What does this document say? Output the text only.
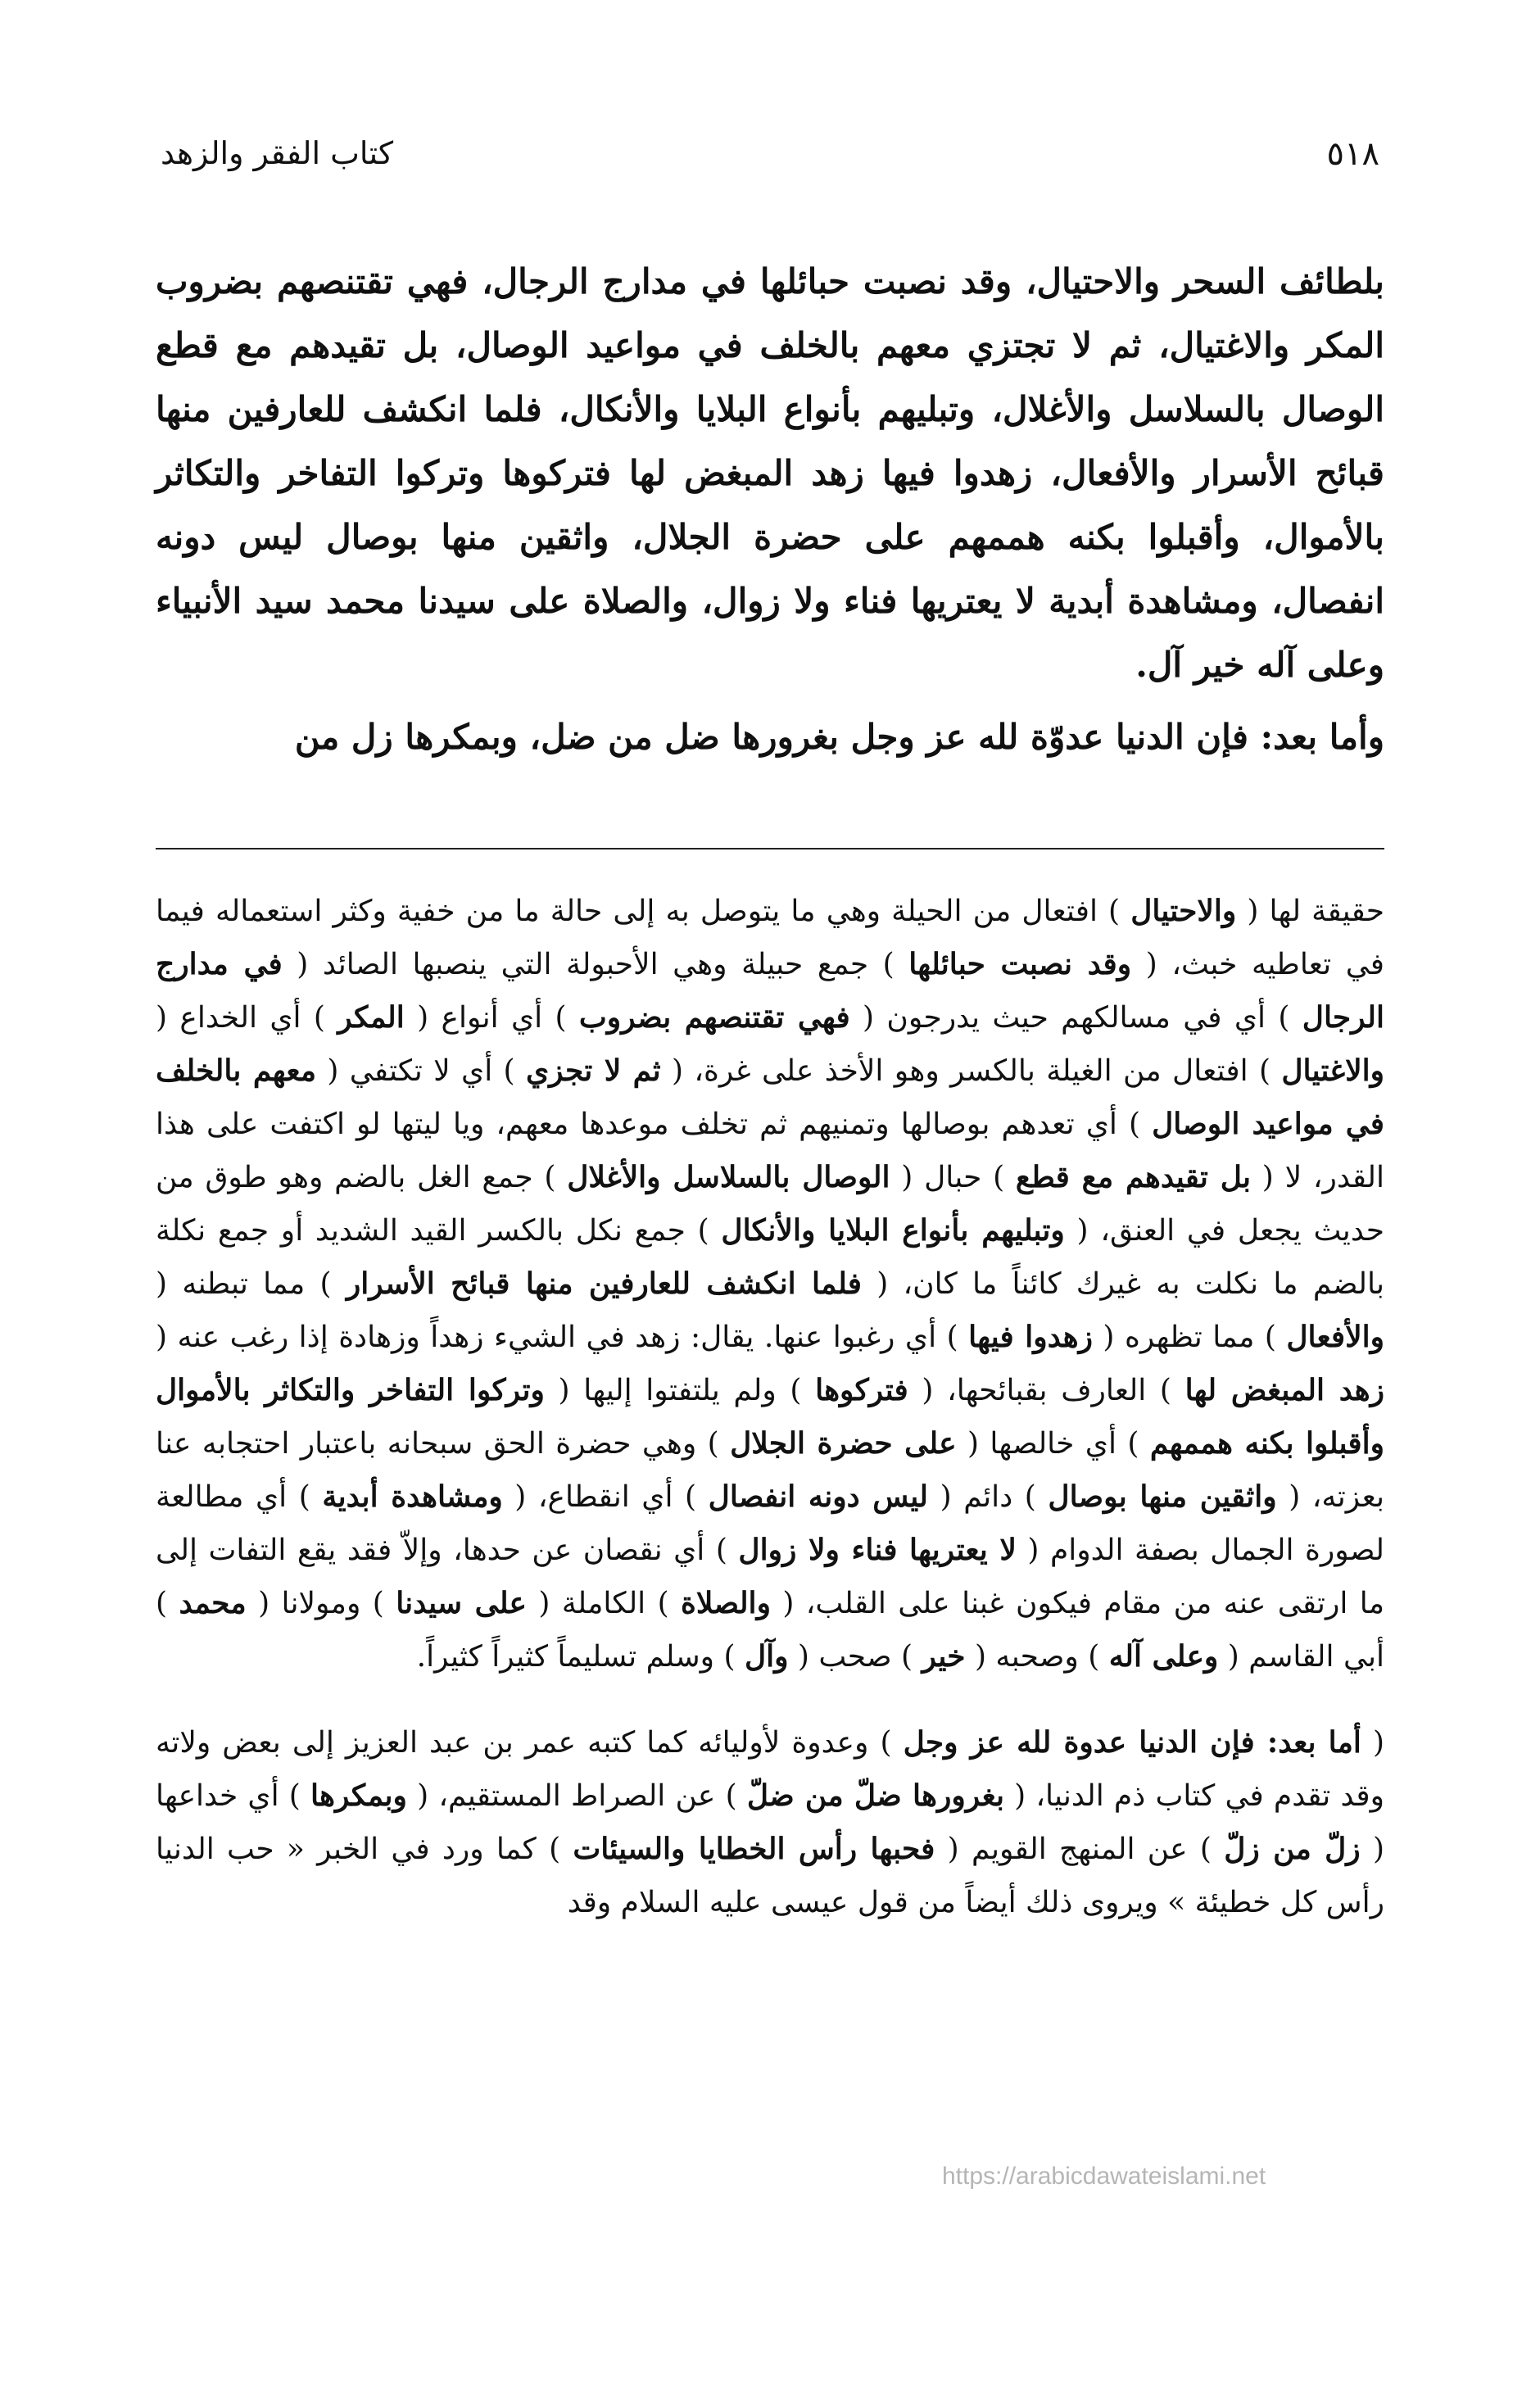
٥١٨
كتاب الفقر والزهد

بلطائف السحر والاحتيال، وقد نصبت حبائلها في مدارج الرجال، فهي تقتنصهم بضروب المكر والاغتيال، ثم لا تجتزي معهم بالخلف في مواعيد الوصال، بل تقيدهم مع قطع الوصال بالسلاسل والأغلال، وتبليهم بأنواع البلايا والأنكال، فلما انكشف للعارفين منها قبائح الأسرار والأفعال، زهدوا فيها زهد المبغض لها فتركوها وتركوا التفاخر والتكاثر بالأموال، وأقبلوا بكنه هممهم على حضرة الجلال، واثقين منها بوصال ليس دونه انفصال، ومشاهدة أبدية لا يعتريها فناء ولا زوال، والصلاة على سيدنا محمد سيد الأنبياء وعلى آله خير آل.

وأما بعد: فإن الدنيا عدوّة لله عز وجل بغرورها ضل من ضل، وبمكرها زل من

حقيقة لها ( والاحتيال ) افتعال من الحيلة وهي ما يتوصل به إلى حالة ما من خفية وكثر استعماله فيما في تعاطيه خبث، ( وقد نصبت حبائلها ) جمع حبيلة وهي الأحبولة التي ينصبها الصائد ( في مدارج الرجال ) أي في مسالكهم حيث يدرجون ( فهي تقتنصهم بضروب ) أي أنواع ( المكر ) أي الخداع ( والاغتيال ) افتعال من الغيلة بالكسر وهو الأخذ على غرة، ( ثم لا تجزي ) أي لا تكتفي ( معهم بالخلف في مواعيد الوصال ) أي تعدهم بوصالها وتمنيهم ثم تخلف موعدها معهم، ويا ليتها لو اكتفت على هذا القدر، لا ( بل تقيدهم مع قطع ) حبال ( الوصال بالسلاسل والأغلال ) جمع الغل بالضم وهو طوق من حديث يجعل في العنق، ( وتبليهم بأنواع البلايا والأنكال ) جمع نكل بالكسر القيد الشديد أو جمع نكلة بالضم ما نكلت به غيرك كائناً ما كان، ( فلما انكشف للعارفين منها قبائح الأسرار ) مما تبطنه ( والأفعال ) مما تظهره ( زهدوا فيها ) أي رغبوا عنها. يقال: زهد في الشيء زهداً وزهادة إذا رغب عنه ( زهد المبغض لها ) العارف بقبائحها، ( فتركوها ) ولم يلتفتوا إليها ( وتركوا التفاخر والتكاثر بالأموال وأقبلوا بكنه هممهم ) أي خالصها ( على حضرة الجلال ) وهي حضرة الحق سبحانه باعتبار احتجابه عنا بعزته، ( واثقين منها بوصال ) دائم ( ليس دونه انفصال ) أي انقطاع، ( ومشاهدة أبدية ) أي مطالعة لصورة الجمال بصفة الدوام ( لا يعتريها فناء ولا زوال ) أي نقصان عن حدها، وإلاّ فقد يقع التفات إلى ما ارتقى عنه من مقام فيكون غبنا على القلب، ( والصلاة ) الكاملة ( على سيدنا ) ومولانا ( محمد ) أبي القاسم ( وعلى آله ) وصحبه ( خير ) صحب ( وآل ) وسلم تسليماً كثيراً كثيراً.

( أما بعد: فإن الدنيا عدوة لله عز وجل ) وعدوة لأوليائه كما كتبه عمر بن عبد العزيز إلى بعض ولاته وقد تقدم في كتاب ذم الدنيا، ( بغرورها ضلّ من ضلّ ) عن الصراط المستقيم، ( وبمكرها ) أي خداعها ( زلّ من زلّ ) عن المنهج القويم ( فحبها رأس الخطايا والسيئات ) كما ورد في الخبر « حب الدنيا رأس كل خطيئة » ويروى ذلك أيضاً من قول عيسى عليه السلام وقد

https://arabicdawateislami.net
